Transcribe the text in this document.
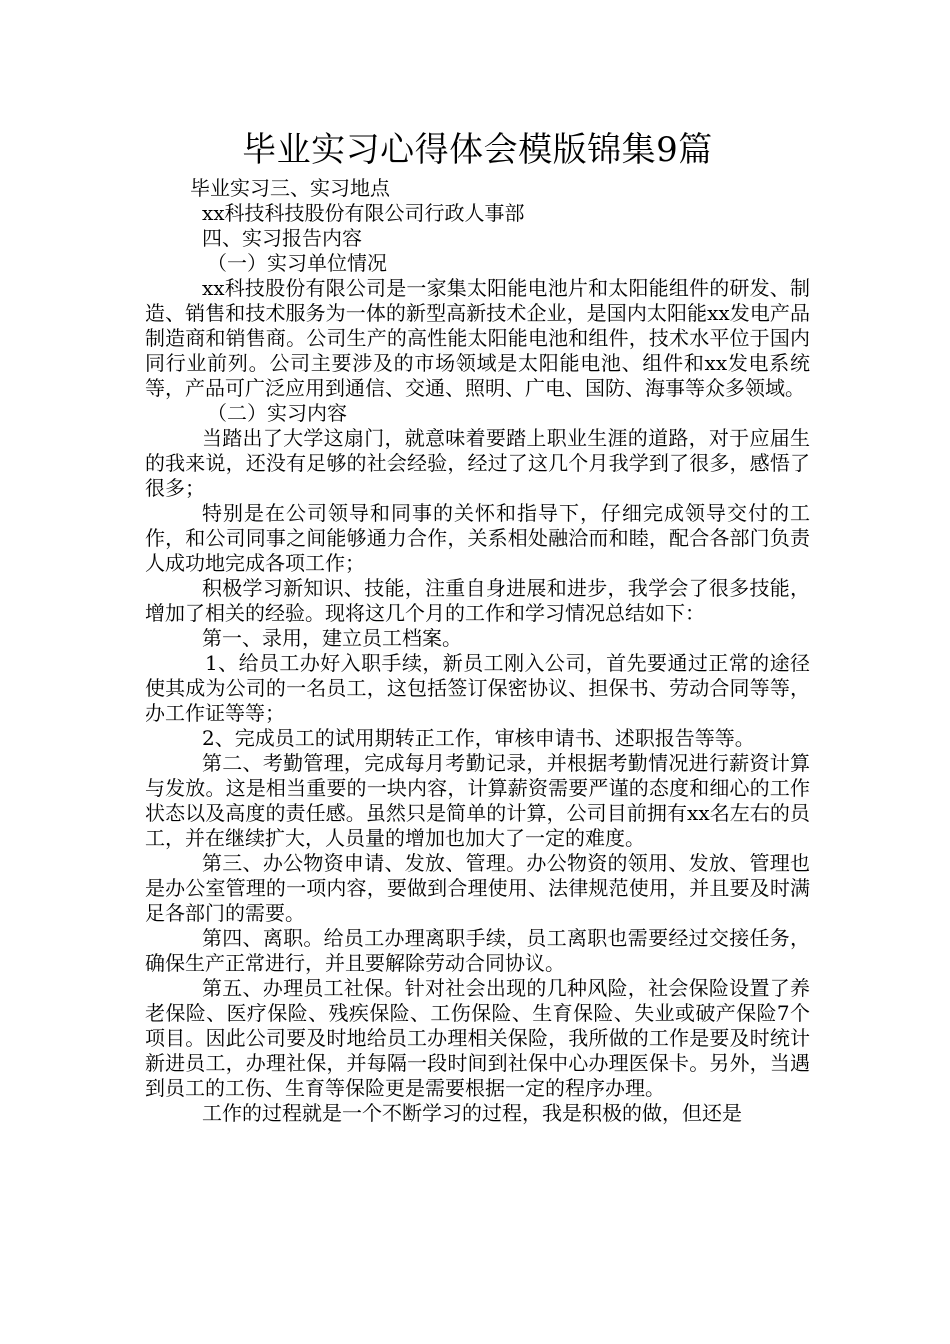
毕业实习心得体会模版锦集9篇

毕业实习三、实习地点

xx科技科技股份有限公司行政人事部

四、实习报告内容

（一）实习单位情况

xx科技股份有限公司是一家集太阳能电池片和太阳能组件的研发、制造、销售和技术服务为一体的新型高新技术企业，是国内太阳能xx发电产品制造商和销售商。公司生产的高性能太阳能电池和组件，技术水平位于国内同行业前列。公司主要涉及的市场领域是太阳能电池、组件和xx发电系统等，产品可广泛应用到通信、交通、照明、广电、国防、海事等众多领域。

（二）实习内容

当踏出了大学这扇门，就意味着要踏上职业生涯的道路，对于应届生的我来说，还没有足够的社会经验，经过了这几个月我学到了很多，感悟了很多；

特别是在公司领导和同事的关怀和指导下，仔细完成领导交付的工作，和公司同事之间能够通力合作，关系相处融洽而和睦，配合各部门负责人成功地完成各项工作；

积极学习新知识、技能，注重自身进展和进步，我学会了很多技能，增加了相关的经验。现将这几个月的工作和学习情况总结如下：

第一、录用，建立员工档案。

1、给员工办好入职手续，新员工刚入公司，首先要通过正常的途径使其成为公司的一名员工，这包括签订保密协议、担保书、劳动合同等等，办工作证等等；

2、完成员工的试用期转正工作，审核申请书、述职报告等等。

第二、考勤管理，完成每月考勤记录，并根据考勤情况进行薪资计算与发放。这是相当重要的一块内容，计算薪资需要严谨的态度和细心的工作状态以及高度的责任感。虽然只是简单的计算，公司目前拥有xx名左右的员工，并在继续扩大，人员量的增加也加大了一定的难度。

第三、办公物资申请、发放、管理。办公物资的领用、发放、管理也是办公室管理的一项内容，要做到合理使用、法律规范使用，并且要及时满足各部门的需要。

第四、离职。给员工办理离职手续，员工离职也需要经过交接任务，确保生产正常进行，并且要解除劳动合同协议。

第五、办理员工社保。针对社会出现的几种风险，社会保险设置了养老保险、医疗保险、残疾保险、工伤保险、生育保险、失业或破产保险7个项目。因此公司要及时地给员工办理相关保险，我所做的工作是要及时统计新进员工，办理社保，并每隔一段时间到社保中心办理医保卡。另外，当遇到员工的工伤、生育等保险更是需要根据一定的程序办理。

工作的过程就是一个不断学习的过程，我是积极的做，但还是
